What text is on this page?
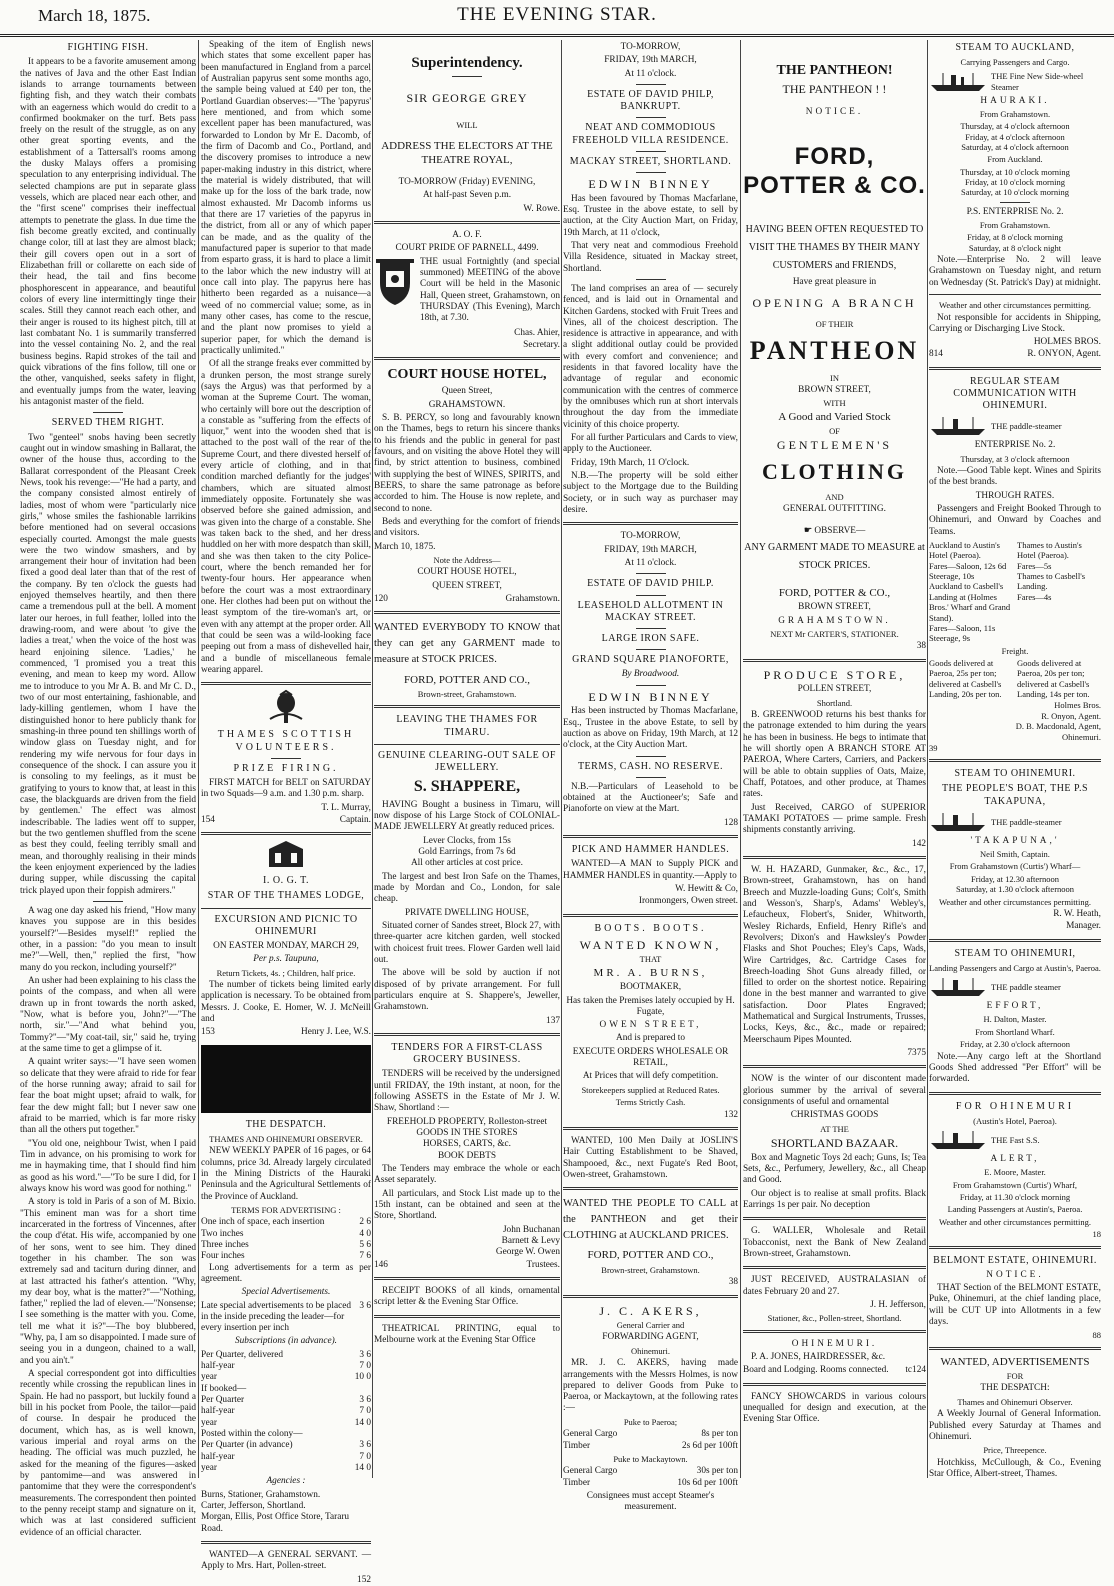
March 18, 1875.	THE EVENING STAR.
FIGHTING FISH.

It appears to be a favorite amusement among the natives of Java and the other East Indian islands to arrange tournaments between fighting fish, and they watch their combats with an eagerness which would do credit to a confirmed bookmaker on the turf. Bets pass freely on the result of the struggle, as on any other great sporting events, and the establishment of a Tattersall's rooms among the dusky Malays offers a promising speculation to any enterprising individual. The selected champions are put in separate glass vessels, which are placed near each other, and the "first scene" comprises their ineffectual attempts to penetrate the glass. In due time the fish become greatly excited, and continually change color, till at last they are almost black; their gill covers open out in a sort of Elizabethan frill or collarette on each side of their head, the tail and fins become phosphorescent in appearance, and beautiful colors of every line intermittingly tinge their scales. Still they cannot reach each other, and their anger is roused to its highest pitch, till at last combatant No. 1 is summarily transferred into the vessel containing No. 2, and the real business begins. Rapid strokes of the tail and quick vibrations of the fins follow, till one or the other, vanquished, seeks safety in flight, and eventually jumps from the water, leaving his antagonist master of the field.

SERVED THEM RIGHT.

Two "genteel" snobs having been secretly caught out in window smashing in Ballarat, the owner of the house thus, according to the Ballarat correspondent of the Pleasant Creek News, took his revenge:—"He had a party, and the company consisted almost entirely of ladies, most of whom were "particularly nice girls," whose smiles the fashionable larrikins before mentioned had on several occasions especially courted. Amongst the male guests were the two window smashers, and by arrangement their hour of invitation had been fixed a good deal later than that of the rest of the company. By ten o'clock the guests had enjoyed themselves heartily, and then there came a tremendous pull at the bell. A moment later our heroes, in full feather, lolled into the drawing-room, and were about 'to give the ladies a treat,' when the voice of the host was heard enjoining silence. 'Ladies,' he commenced, 'I promised you a treat this evening, and mean to keep my word. Allow me to introduce to you Mr A. B. and Mr C. D., two of our most entertaining, fashionable, and lady-killing gentlemen, whom I have the distinguished honor to here publicly thank for smashing-in three pound ten shillings worth of window glass on Tuesday night, and for rendering my wife nervous for four days in consequence of the shock. I can assure you it is consoling to my feelings, as it must be gratifying to yours to know that, at least in this case, the blackguards are driven from the field by gentlemen.' The effect was almost indescribable. The ladies went off to supper, but the two gentlemen shuffled from the scene as best they could, feeling terribly small and mean, and thoroughly realising in their minds the keen enjoyment experienced by the ladies during supper, while discussing the capital trick played upon their foppish admirers."

A wag one day asked his friend, "How many knaves you suppose are in this besides yourself?"—Besides myself!" replied the other, in a passion: "do you mean to insult me?"—Well, then," replied the first, "how many do you reckon, including yourself?"

An usher had been explaining to his class the points of the compass, and when all were drawn up in front towards the north asked, "Now, what is before you, John?"—"The north, sir."—"And what behind you, Tommy?"—"My coat-tail, sir," said he, trying at the same time to get a glimpse of it.

A quaint writer says:—"I have seen women so delicate that they were afraid to ride for fear of the horse running away; afraid to sail for fear the boat might upset; afraid to walk, for fear the dew might fall; but I never saw one afraid to be married, which is far more risky than all the others put together."

"You old one, neighbour Twist, when I paid Tim in advance, on his promising to work for me in haymaking time, that I should find him as good as his word."—"To be sure I did, for I always know his word was good for nothing."

A story is told in Paris of a son of M. Bixio. "This eminent man was for a short time incarcerated in the fortress of Vincennes, after the coup d'état. His wife, accompanied by one of her sons, went to see him. They dined together in his chamber. The son was extremely sad and taciturn during dinner, and at last attracted his father's attention. "Why, my dear boy, what is the matter?"—"Nothing, father," replied the lad of eleven.—"Nonsense; I see something is the matter with you. Come, tell me what it is?"—The boy blubbered, "Why, pa, I am so disappointed. I made sure of seeing you in a dungeon, chained to a wall, and you ain't."

A special correspondent got into difficulties recently while crossing the republican lines in Spain. He had no passport, but luckily found a bill in his pocket from Poole, the tailor—paid of course. In despair he produced the document, which has, as is well known, various imperial and royal arms on the heading. The official was much puzzled, he asked for the meaning of the figures—asked by pantomime—and was answered in pantomime that they were the correspondent's measurements. The correspondent then pointed to the penny receipt stamp and signature on it, which was at last considered sufficient evidence of an official character.

Speaking of the item of English news which states that some excellent paper has been manufactured in England from a parcel of Australian papyrus sent some months ago, the sample being valued at £40 per ton, the Portland Guardian observes:—"The 'papyrus' here mentioned, and from which some excellent paper has been manufactured, was forwarded to London by Mr E. Dacomb, of the firm of Dacomb and Co., Portland, and the discovery promises to introduce a new paper-making industry in this district, where the material is widely distributed, that will make up for the loss of the bark trade, now almost exhausted. Mr Dacomb informs us that there are 17 varieties of the papyrus in the district, from all or any of which paper can be made, and as the quality of the manufactured paper is superior to that made from esparto grass, it is hard to place a limit to the labor which the new industry will at once call into play. The papyrus here has hitherto been regarded as a nuisance—a weed of no commercial value; some, as in many other cases, has come to the rescue, and the plant now promises to yield a superior paper, for which the demand is practically unlimited."

Of all the strange freaks ever committed by a drunken person, the most strange surely (says the Argus) was that performed by a woman at the Supreme Court. The woman, who certainly will bore out the description of a constable as "suffering from the effects of liquor," went into the wooden shed that is attached to the post wall of the rear of the Supreme Court, and there divested herself of every article of clothing, and in that condition marched defiantly for the judges' chambers, which are situated almost immediately opposite. Fortunately she was observed before she gained admission, and was given into the charge of a constable. She was taken back to the shed, and her dress huddled on her with more despatch than skill, and she was then taken to the city Police-court, where the bench remanded her for twenty-four hours. Her appearance when before the court was a most extraordinary one. Her clothes had been put on without the least symptom of the tire-woman's art, or even with any attempt at the proper order. All that could be seen was a wild-looking face peeping out from a mass of dishevelled hair, and a bundle of miscellaneous female wearing apparel.

THAMES SCOTTISH VOLUNTEERS.
PRIZE FIRING.

FIRST MATCH for BELT on SATURDAY in two Squads—9 a.m. and 1.30 p.m. sharp.

T. L. Murray,
154	Captain.
I. O. G. T.
STAR OF THE THAMES LODGE,
EXCURSION AND PICNIC TO OHINEMURI
ON EASTER MONDAY, MARCH 29,
Per p.s. Taupuna,
Return Tickets, 4s. ; Children, half price.

The number of tickets being limited early application is necessary. To be obtained from Messrs. J. Cooke, E. Homer, W. J. McNeill and

153	Henry J. Lee, W.S.
THE DESPATCH.
THAMES AND OHINEMURI OBSERVER.

NEW WEEKLY PAPER of 16 pages, or 64 columns, price 3d. Already largely circulated in the Mining Districts of the Hauraki Peninsula and the Agricultural Settlements of the Province of Auckland.

TERMS FOR ADVERTISING :
One inch of space, each insertion	2 6
Two inches	4 0
Three inches	5 6
Four inches	7 6

Long advertisements for a term as per agreement.

Special Advertisements.
Late special advertisements to be placed in the inside preceding the leader—for every insertion per inch
3 6
Subscriptions (in advance).
Per Quarter, delivered	3 6
half-year	7 0
year	10 0
If booked—
Per Quarter	3 6
half-year	7 0
year	14 0
Posted within the colony—
Per Quarter (in advance)	3 6
half-year	7 0
year	14 0
Agencies :
Burns, Stationer, Grahamstown.
Carter, Jefferson, Shortland.
Morgan, Ellis, Post Office Store, Tararu Road.

WANTED—A GENERAL SERVANT. —Apply to Mrs. Hart, Pollen-street.

152
Superintendency.
SIR GEORGE GREY
WILL
ADDRESS THE ELECTORS AT THE THEATRE ROYAL,
TO-MORROW (Friday) EVENING,
At half-past Seven p.m.
W. Rowe.
A. O. F.
COURT PRIDE OF PARNELL, 4499.

THE usual Fortnightly (and special summoned) MEETING of the above Court will be held in the Masonic Hall, Queen street, Grahamstown, on THURSDAY (This Evening), March 18th, at 7.30.

Chas. Ahier,
Secretary.
COURT HOUSE HOTEL,
Queen Street,
GRAHAMSTOWN.

S. B. PERCY, so long and favourably known on the Thames, begs to return his sincere thanks to his friends and the public in general for past favours, and on visiting the above Hotel they will find, by strict attention to business, combined with supplying the best of WINES, SPIRITS, and BEERS, to share the same patronage as before accorded to him. The House is now replete, and second to none.

Beds and everything for the comfort of friends and visitors.

March 10, 1875.
Note the Address—
COURT HOUSE HOTEL,
QUEEN STREET,
120	Grahamstown.

WANTED EVERYBODY TO KNOW that they can get any GARMENT made to measure at STOCK PRICES.

FORD, POTTER AND CO.,
Brown-street, Grahamstown.
LEAVING THE THAMES FOR TIMARU.
GENUINE CLEARING-OUT SALE OF JEWELLERY.
S. SHAPPERE,

HAVING Bought a business in Timaru, will now dispose of his Large Stock of COLONIAL-MADE JEWELLERY At greatly reduced prices.

Lever Clocks, from 15s
Gold Earrings, from 7s 6d
All other articles at cost price.

The largest and best Iron Safe on the Thames, made by Mordan and Co., London, for sale cheap.

PRIVATE DWELLING HOUSE,

Situated corner of Sandes street, Block 27, with three-quarter acre kitchen garden, well stocked with choicest fruit trees. Flower Garden well laid out.

The above will be sold by auction if not disposed of by private arrangement. For full particulars enquire at S. Shappere's, Jeweller, Grahamstown.

137
TENDERS FOR A FIRST-CLASS GROCERY BUSINESS.

TENDERS will be received by the undersigned until FRIDAY, the 19th instant, at noon, for the following ASSETS in the Estate of Mr J. W. Shaw, Shortland :—

FREEHOLD PROPERTY, Rolleston-street
GOODS IN THE STORES
HORSES, CARTS, &c.
BOOK DEBTS

The Tenders may embrace the whole or each Asset separately.

All particulars, and Stock List made up to the 15th instant, can be obtained and seen at the Store, Shortland.

John Buchanan
Barnett & Levy
George W. Owen
146	Trustees.

RECEIPT BOOKS of all kinds, ornamental script letter & the Evening Star Office.

THEATRICAL PRINTING, equal to Melbourne work at the Evening Star Office

TO-MORROW,
FRIDAY, 19th MARCH,
At 11 o'clock.
ESTATE OF DAVID PHILP, BANKRUPT.
NEAT AND COMMODIOUS FREEHOLD VILLA RESIDENCE.
MACKAY STREET, SHORTLAND.
EDWIN BINNEY

Has been favoured by Thomas Macfarlane, Esq. Trustee in the above estate, to sell by auction, at the City Auction Mart, on Friday, 19th March, at 11 o'clock,

That very neat and commodious Freehold Villa Residence, situated in Mackay street, Shortland.

The land comprises an area of — securely fenced, and is laid out in Ornamental and Kitchen Gardens, stocked with Fruit Trees and Vines, all of the choicest description. The residence is attractive in appearance, and with a slight additional outlay could be provided with every comfort and convenience; and residents in that favored locality have the advantage of regular and economic communication with the centres of commerce by the omnibuses which run at short intervals throughout the day from the immediate vicinity of this choice property.

For all further Particulars and Cards to view, apply to the Auctioneer.

Friday, 19th March, 11 O'clock.

N.B.—The property will be sold either subject to the Mortgage due to the Building Society, or in such way as purchaser may desire.

TO-MORROW,
FRIDAY, 19th MARCH,
At 11 o'clock.
ESTATE OF DAVID PHILP.
LEASEHOLD ALLOTMENT IN MACKAY STREET.
LARGE IRON SAFE.
GRAND SQUARE PIANOFORTE,
By Broadwood.
EDWIN BINNEY

Has been instructed by Thomas Macfarlane, Esq., Trustee in the above Estate, to sell by auction as above on Friday, 19th March, at 12 o'clock, at the City Auction Mart.

TERMS, CASH. NO RESERVE.

N.B.—Particulars of Leasehold to be obtained at the Auctioneer's; Safe and Pianoforte on view at the Mart.

128
PICK AND HAMMER HANDLES.

WANTED—A MAN to Supply PICK and HAMMER HANDLES in quantity.—Apply to

W. Hewitt & Co,
Ironmongers, Owen street.
BOOTS. BOOTS.
WANTED KNOWN,
THAT
MR. A. BURNS,
BOOTMAKER,
Has taken the Premises lately occupied by H. Fugate,
OWEN STREET,
And is prepared to
EXECUTE ORDERS WHOLESALE OR RETAIL,
At Prices that will defy competition.
Storekeepers supplied at Reduced Rates.
Terms Strictly Cash.
132

WANTED, 100 Men Daily at JOSLIN'S Hair Cutting Establishment to be Shaved, Shampooed, &c., next Fugate's Red Boot, Owen-street, Grahamstown.

WANTED THE PEOPLE TO CALL at the PANTHEON and get their CLOTHING at AUCKLAND PRICES.

FORD, POTTER AND CO.,
Brown-street, Grahamstown.
38
J. C. AKERS,
General Carrier and
FORWARDING AGENT,
Ohinemuri.

MR. J. C. AKERS, having made arrangements with the Messrs Holmes, is now prepared to deliver Goods from Puke to Paeroa, or Mackaytown, at the following rates :—

Puke to Paeroa;
General Cargo	8s per ton
Timber	2s 6d per 100ft
Puke to Mackaytown.
General Cargo	30s per ton
Timber	10s 6d per 100ft
Consignees must accept Steamer's measurement.
THE PANTHEON!
THE PANTHEON ! !
NOTICE.
FORD, POTTER & CO.
HAVING BEEN OFTEN REQUESTED TO VISIT THE THAMES BY THEIR MANY CUSTOMERS and FRIENDS,
Have great pleasure in
OPENING A BRANCH
OF THEIR
PANTHEON
IN
BROWN STREET,
WITH
A Good and Varied Stock
OF
GENTLEMEN'S
CLOTHING
AND
GENERAL OUTFITTING.
☛ OBSERVE—
ANY GARMENT MADE TO MEASURE at STOCK PRICES.
FORD, POTTER & CO.,
BROWN STREET,
GRAHAMSTOWN.
NEXT Mr CARTER'S, STATIONER.
38
PRODUCE STORE,
POLLEN STREET,
Shortland.

B. GREENWOOD returns his best thanks for the patronage extended to him during the years he has been in business. He begs to intimate that he will shortly open A BRANCH STORE AT PAEROA, Where Carters, Carriers, and Packers will be able to obtain supplies of Oats, Maize, Chaff, Potatoes, and other produce, at Thames rates.

Just Received, CARGO of SUPERIOR TAMAKI POTATOES — prime sample. Fresh shipments constantly arriving.

142

W. H. HAZARD, Gunmaker, &c., &c., 17, Brown-street, Grahamstown, has on hand Breech and Muzzle-loading Guns; Colt's, Smith and Wesson's, Sharp's, Adams' Webley's, Lefaucheux, Flobert's, Snider, Whitworth, Wesley Richards, Enfield, Henry Rifle's and Revolvers; Dixon's and Hawksley's Powder Flasks and Shot Pouches; Eley's Caps, Wads, Wire Cartridges, &c. Cartridge Cases for Breech-loading Shot Guns already filled, or filled to order on the shortest notice. Repairing done in the best manner and warranted to give satisfaction. Door Plates Engraved; Mathematical and Surgical Instruments, Trusses, Locks, Keys, &c., &c., made or repaired; Meerschaum Pipes Mounted.

7375

NOW is the winter of our discontent made glorious summer by the arrival of several consignments of useful and ornamental

CHRISTMAS GOODS
AT THE
SHORTLAND BAZAAR.

Box and Magnetic Toys 2d each; Guns, Is; Tea Sets, &c., Perfumery, Jewellery, &c., all Cheap and Good.

Our object is to realise at small profits. Black Earrings 1s per pair. No deception

G. WALLER, Wholesale and Retail Tobacconist, next the Bank of New Zealand Brown-street, Grahamstown.

JUST RECEIVED, AUSTRALASIAN of dates February 20 and 27.

J. H. Jefferson,
Stationer, &c., Pollen-street, Shortland.
OHINEMURI.

P. A. JONES, HAIRDRESSER, &c.

Board and Lodging. Rooms connected. tc124

FANCY SHOWCARDS in various colours unequalled for design and execution, at the Evening Star Office.

STEAM TO AUCKLAND,
Carrying Passengers and Cargo.
THE Fine New Side-wheel Steamer
HAURAKI.
From Grahamstown.
Thursday, at 4 o'clock afternoon
Friday, at 4 o'clock afternoon
Saturday, at 4 o'clock afternoon
From Auckland.
Thursday, at 10 o'clock morning
Friday, at 10 o'clock morning
Saturday, at 10 o'clock morning
P.S. ENTERPRISE No. 2.
From Grahamstown.
Friday, at 8 o'clock morning
Saturday, at 8 o'clock night

Note.—Enterprise No. 2 will leave Grahamstown on Tuesday night, and return on Wednesday (St. Patrick's Day) at midnight.

Weather and other circumstances permitting.

Not responsible for accidents in Shipping, Carrying or Discharging Live Stock.

HOLMES BROS.
814	R. ONYON, Agent.
REGULAR STEAM COMMUNICATION WITH OHINEMURI.
THE paddle-steamer
ENTERPRISE No. 2.
Thursday, at 3 o'clock afternoon

Note.—Good Table kept. Wines and Spirits of the best brands.

THROUGH RATES.

Passengers and Freight Booked Through to Ohinemuri, and Onward by Coaches and Teams.

Auckland to Austin's Hotel (Paeroa).
Fares—Saloon, 12s 6d
Steerage, 10s
Auckland to Casbell's Landing at (Holmes Bros.' Wharf and Grand Stand).
Fares—Saloon, 11s
Steerage, 9s
Thames to Austin's Hotel (Paeroa).
Fares—5s
Thames to Casbell's Landing.
Fares—4s
Freight.
Goods delivered at Paeroa, 25s per ton; delivered at Casbell's Landing, 20s per ton.
Goods delivered at Paeroa, 20s per ton; delivered at Casbell's Landing, 14s per ton.
Holmes Bros.
R. Onyon, Agent.
D. B. Macdonald, Agent,
Ohinemuri.
39
STEAM TO OHINEMURI.
THE PEOPLE'S BOAT, THE P.S TAKAPUNA,
THE paddle-steamer
'TAKAPUNA,'
Neil Smith, Captain.
From Grahamstown (Curtis') Wharf—
Friday, at 12.30 afternoon
Saturday, at 1.30 o'clock afternoon
Weather and other circumstances permitting.
R. W. Heath,
Manager.
STEAM TO OHINEMURI,
Landing Passengers and Cargo at Austin's, Paeroa.
THE paddle steamer
EFFORT,
H. Dalton, Master.
From Shortland Wharf.
Friday, at 2.30 o'clock afternoon

Note.—Any cargo left at the Shortland Goods Shed addressed "Per Effort" will be forwarded.

FOR OHINEMURI
(Austin's Hotel, Paeroa).
THE Fast S.S.
ALERT,
E. Moore, Master.
From Grahamstown (Curtis') Wharf,
Friday, at 11.30 o'clock morning
Landing Passengers at Austin's, Paeroa.
Weather and other circumstances permitting.
18
BELMONT ESTATE, OHINEMURI.
NOTICE.

THAT Section of the BELMONT ESTATE, Puke, Ohinemuri, at the chief landing place, will be CUT UP into Allotments in a few days.

88
WANTED, ADVERTISEMENTS
FOR
THE DESPATCH:
Thames and Ohinemuri Observer.

A Weekly Journal of General Information. Published every Saturday at Thames and Ohinemuri.

Price, Threepence.

Hotchkiss, McCullough, & Co., Evening Star Office, Albert-street, Thames.
